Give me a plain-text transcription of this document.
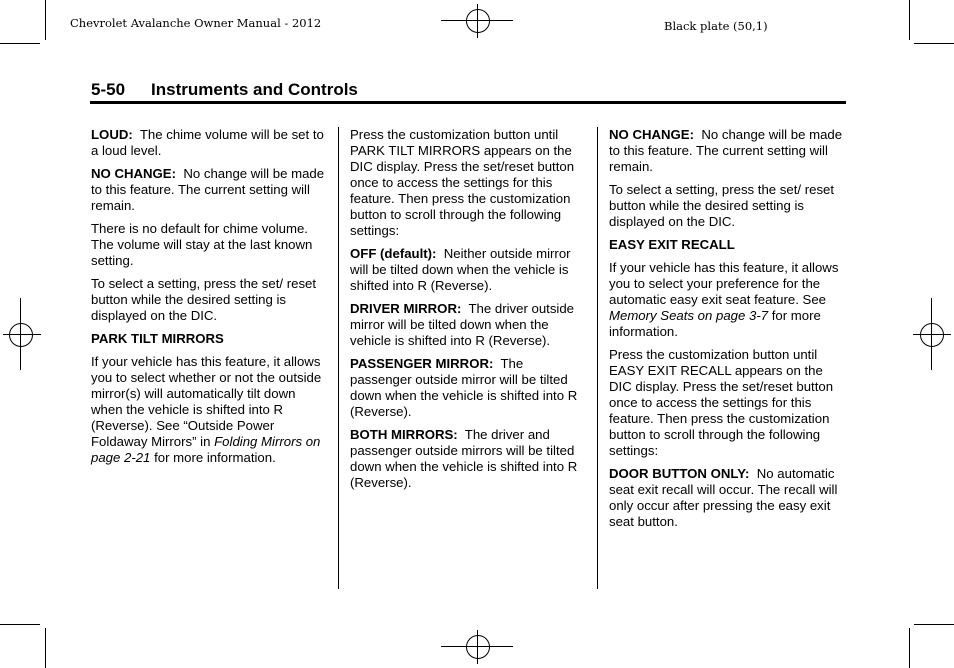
Chevrolet Avalanche Owner Manual - 2012	Black plate (50,1)
5-50 Instruments and Controls

LOUD: The chime volume will be set to a loud level.

NO CHANGE: No change will be made to this feature. The current setting will remain.

There is no default for chime volume. The volume will stay at the last known setting.

To select a setting, press the set/ reset button while the desired setting is displayed on the DIC.

PARK TILT MIRRORS

If your vehicle has this feature, it allows you to select whether or not the outside mirror(s) will automatically tilt down when the vehicle is shifted into R (Reverse). See “Outside Power Foldaway Mirrors” in Folding Mirrors on page 2-21 for more information.

Press the customization button until PARK TILT MIRRORS appears on the DIC display. Press the set/reset button once to access the settings for this feature. Then press the customization button to scroll through the following settings:

OFF (default): Neither outside mirror will be tilted down when the vehicle is shifted into R (Reverse).

DRIVER MIRROR: The driver outside mirror will be tilted down when the vehicle is shifted into R (Reverse).

PASSENGER MIRROR: The passenger outside mirror will be tilted down when the vehicle is shifted into R (Reverse).

BOTH MIRRORS: The driver and passenger outside mirrors will be tilted down when the vehicle is shifted into R (Reverse).

NO CHANGE: No change will be made to this feature. The current setting will remain.

To select a setting, press the set/ reset button while the desired setting is displayed on the DIC.

EASY EXIT RECALL

If your vehicle has this feature, it allows you to select your preference for the automatic easy exit seat feature. See Memory Seats on page 3-7 for more information.

Press the customization button until EASY EXIT RECALL appears on the DIC display. Press the set/reset button once to access the settings for this feature. Then press the customization button to scroll through the following settings:

DOOR BUTTON ONLY: No automatic seat exit recall will occur. The recall will only occur after pressing the easy exit seat button.
